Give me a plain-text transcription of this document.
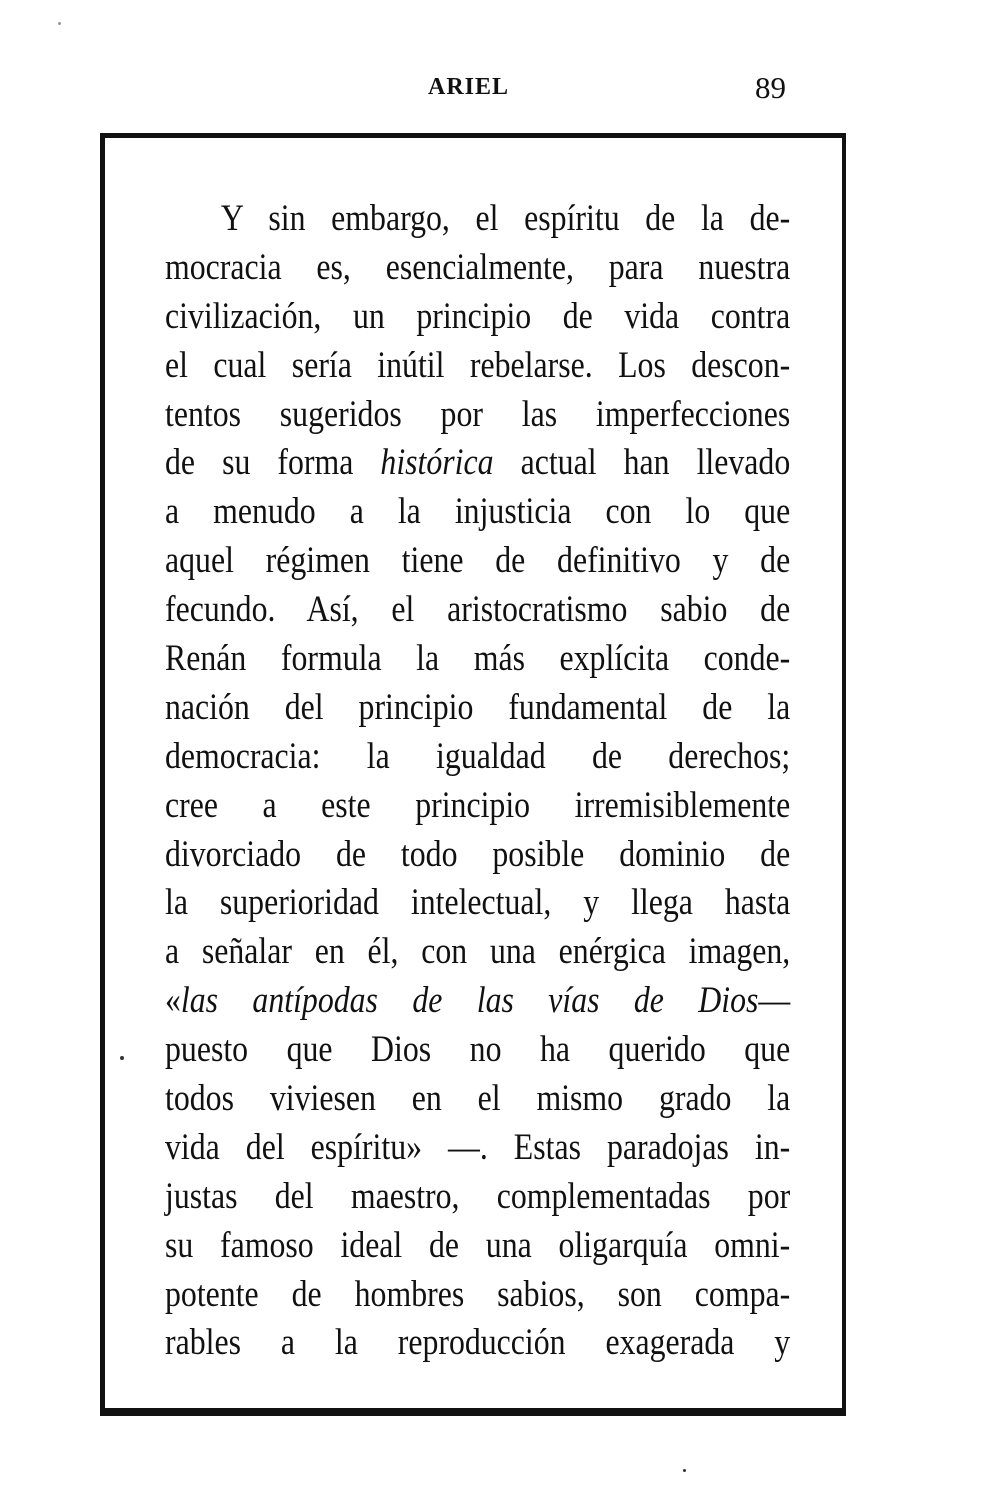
ARIEL	89
Y sin embargo, el espíritu de la de-
mocracia es, esencialmente, para nuestra
civilización, un principio de vida contra
el cual sería inútil rebelarse. Los descon-
tentos sugeridos por las imperfecciones
de su forma histórica actual han llevado
a menudo a la injusticia con lo que
aquel régimen tiene de definitivo y de
fecundo. Así, el aristocratismo sabio de
Renán formula la más explícita conde-
nación del principio fundamental de la
democracia: la igualdad de derechos;
cree a este principio irremisiblemente
divorciado de todo posible dominio de
la superioridad intelectual, y llega hasta
a señalar en él, con una enérgica imagen,
«las antípodas de las vías de Dios—
puesto que Dios no ha querido que
todos viviesen en el mismo grado la
vida del espíritu» —. Estas paradojas in-
justas del maestro, complementadas por
su famoso ideal de una oligarquía omni-
potente de hombres sabios, son compa-
rables a la reproducción exagerada y
